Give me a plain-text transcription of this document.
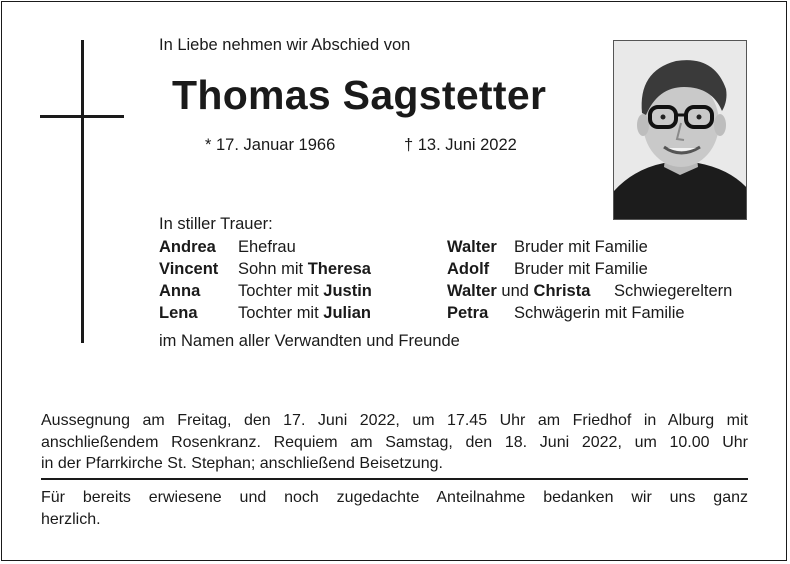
In Liebe nehmen wir Abschied von
Thomas Sagstetter
* 17. Januar 1966	† 13. Juni 2022
In stiller Trauer:
Andrea Ehefrau
Vincent Sohn mit Theresa
Anna Tochter mit Justin
Lena Tochter mit Julian
Walter Bruder mit Familie
Adolf Bruder mit Familie
Walter und Christa Schwiegereltern
Petra Schwägerin mit Familie
im Namen aller Verwandten und Freunde
Aussegnung am Freitag, den 17. Juni 2022, um 17.45 Uhr am Friedhof in Alburg mit
anschließendem Rosenkranz. Requiem am Samstag, den 18. Juni 2022, um 10.00 Uhr
in der Pfarrkirche St. Stephan; anschließend Beisetzung.
Für bereits erwiesene und noch zugedachte Anteilnahme bedanken wir uns ganz
herzlich.
